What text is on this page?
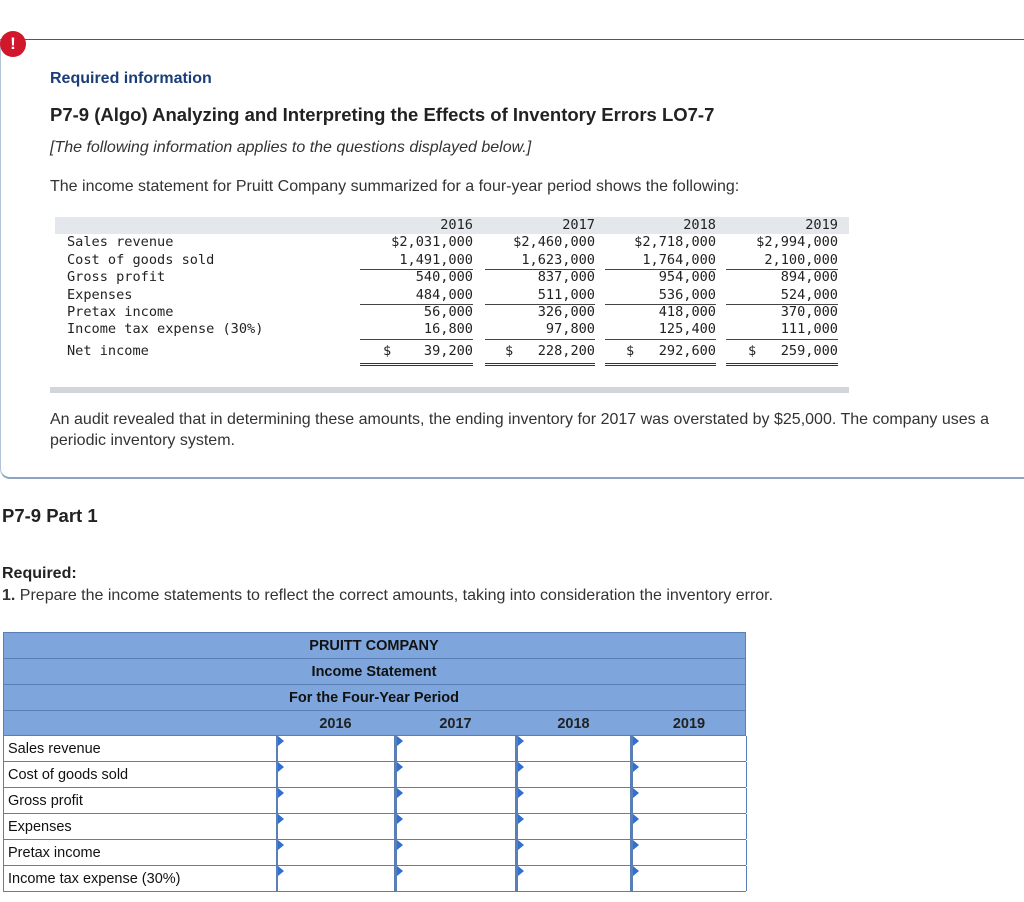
!
Required information
P7-9 (Algo) Analyzing and Interpreting the Effects of Inventory Errors LO7-7
[The following information applies to the questions displayed below.]
The income statement for Pruitt Company summarized for a four-year period shows the following:
2016	2017	2018	2019
Sales revenue	$2,031,000	$2,460,000	$2,718,000	$2,994,000
Cost of goods sold	1,491,000	1,623,000	1,764,000	2,100,000
Gross profit	540,000	837,000	954,000	894,000
Expenses	484,000	511,000	536,000	524,000
Pretax income	56,000	326,000	418,000	370,000
Income tax expense (30%)	16,800	97,800	125,400	111,000
Net income	$    39,200	$   228,200	$   292,600	$   259,000
An audit revealed that in determining these amounts, the ending inventory for 2017 was overstated by $25,000. The company uses a periodic inventory system.
P7-9 Part 1
Required:
1. Prepare the income statements to reflect the correct amounts, taking into consideration the inventory error.
PRUITT COMPANY
Income Statement
For the Four-Year Period
2016	2017	2018	2019
Sales revenue
Cost of goods sold
Gross profit
Expenses
Pretax income
Income tax expense (30%)
